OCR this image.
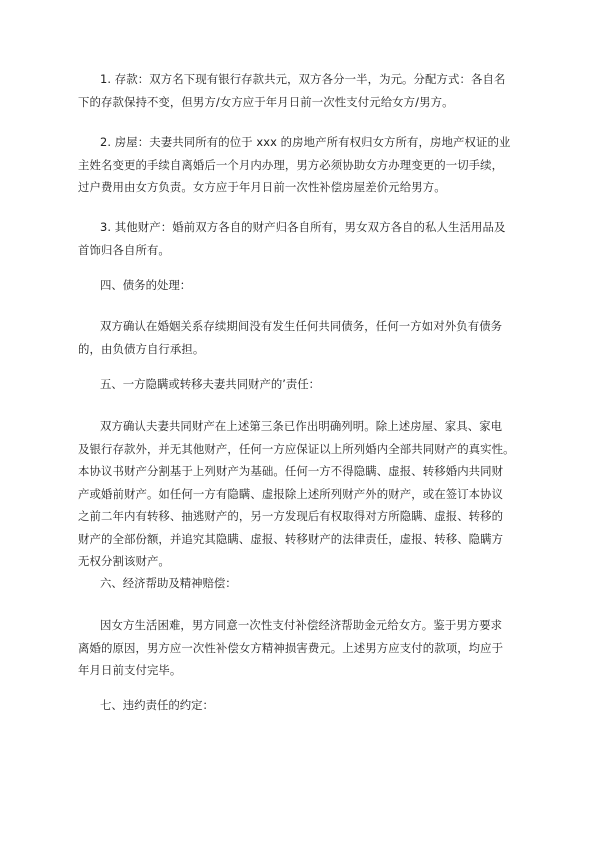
1. 存款：双方名下现有银行存款共元，双方各分一半，为元。分配方式：各自名
下的存款保持不变，但男方/女方应于年月日前一次性支付元给女方/男方。
2. 房屋：夫妻共同所有的位于 xxx 的房地产所有权归女方所有，房地产权证的业
主姓名变更的手续自离婚后一个月内办理，男方必须协助女方办理变更的一切手续，
过户费用由女方负责。女方应于年月日前一次性补偿房屋差价元给男方。
3. 其他财产：婚前双方各自的财产归各自所有，男女双方各自的私人生活用品及
首饰归各自所有。
四、债务的处理：
双方确认在婚姻关系存续期间没有发生任何共同债务，任何一方如对外负有债务
的，由负债方自行承担。
五、一方隐瞒或转移夫妻共同财产的’责任：
双方确认夫妻共同财产在上述第三条已作出明确列明。除上述房屋、家具、家电
及银行存款外，并无其他财产，任何一方应保证以上所列婚内全部共同财产的真实性。
本协议书财产分割基于上列财产为基础。任何一方不得隐瞒、虚报、转移婚内共同财
产或婚前财产。如任何一方有隐瞒、虚报除上述所列财产外的财产，或在签订本协议
之前二年内有转移、抽逃财产的，另一方发现后有权取得对方所隐瞒、虚报、转移的
财产的全部份额，并追究其隐瞒、虚报、转移财产的法律责任，虚报、转移、隐瞒方
无权分割该财产。
六、经济帮助及精神赔偿：
因女方生活困难，男方同意一次性支付补偿经济帮助金元给女方。鉴于男方要求
离婚的原因，男方应一次性补偿女方精神损害费元。上述男方应支付的款项，均应于
年月日前支付完毕。
七、违约责任的约定：
